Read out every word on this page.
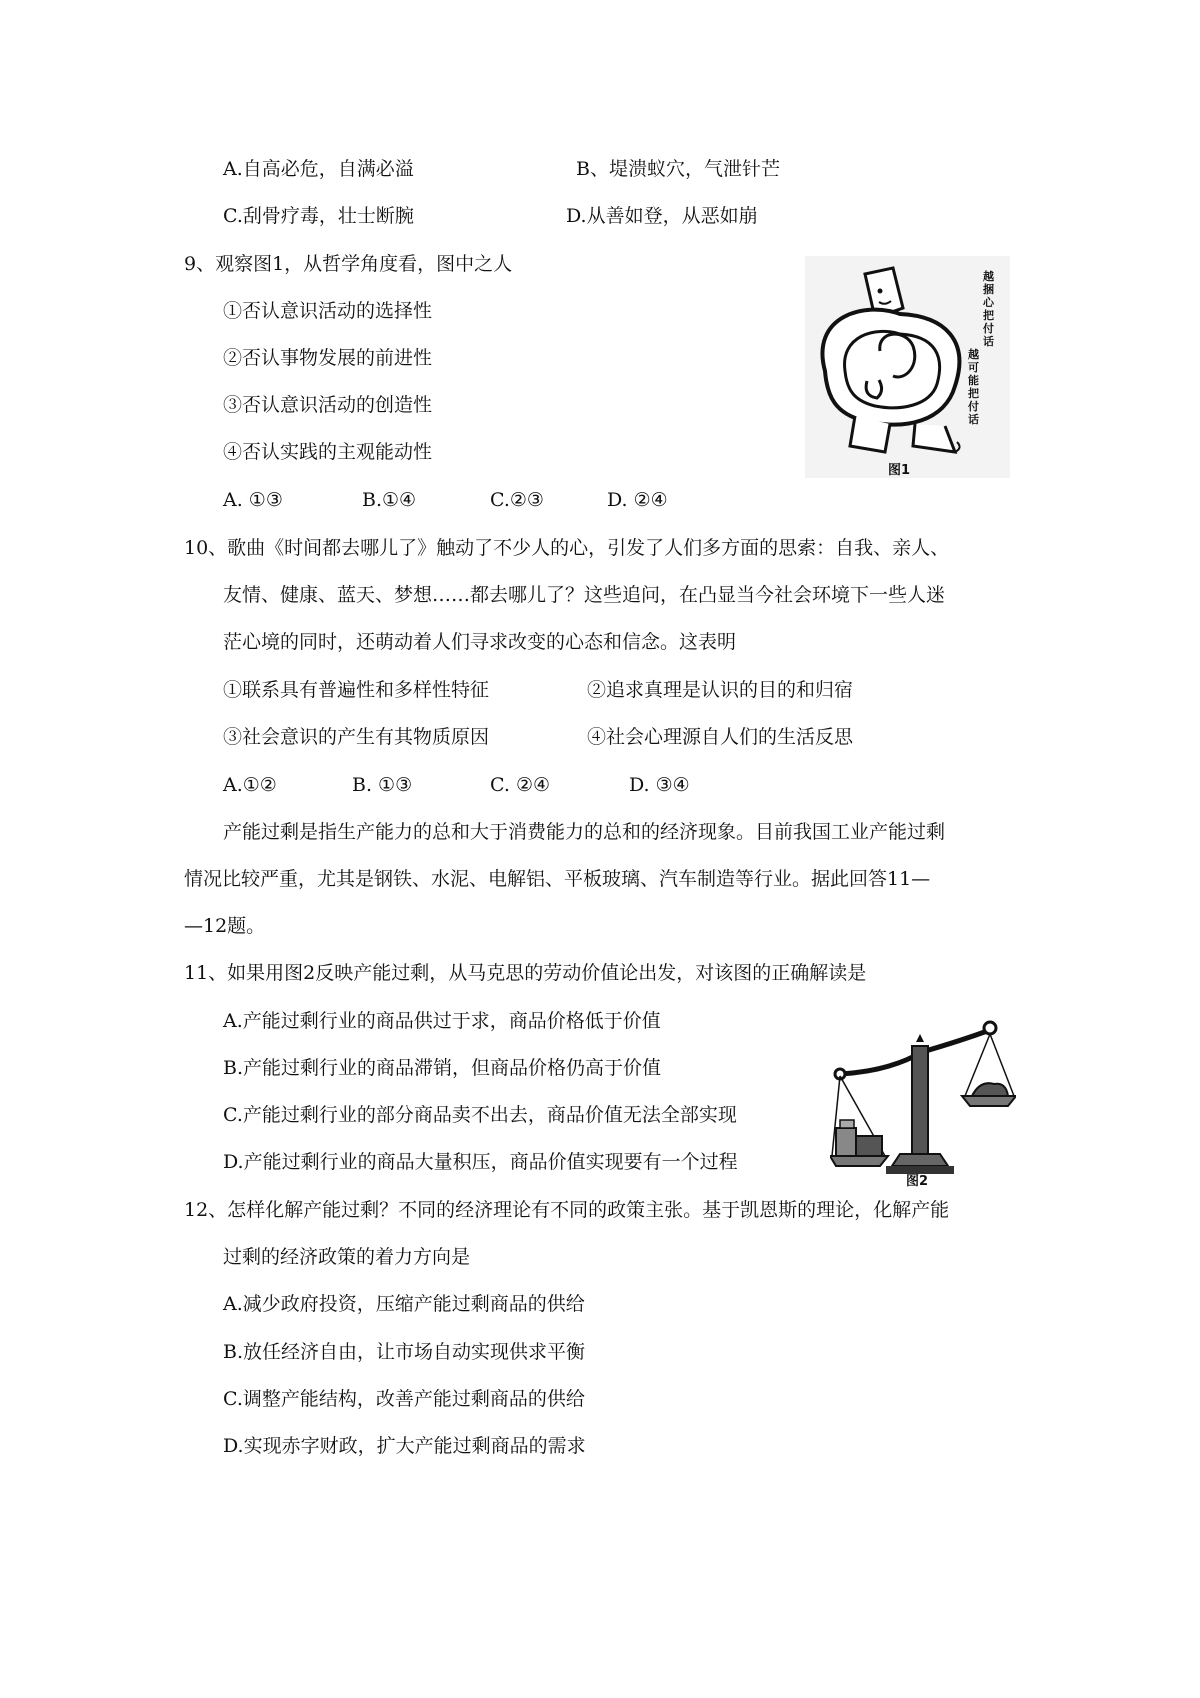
A.自高必危，自满必溢	B、堤溃蚁穴，气泄针芒
C.刮骨疗毒，壮士断腕	D.从善如登，从恶如崩
9、观察图1，从哲学角度看，图中之人
①否认意识活动的选择性
②否认事物发展的前进性
③否认意识活动的创造性
④否认实践的主观能动性
A. ①③	B.①④	C.②③	D. ②④
越捆心把付话
越可能把付话
图1
10、歌曲《时间都去哪儿了》触动了不少人的心，引发了人们多方面的思索：自我、亲人、
友情、健康、蓝天、梦想……都去哪儿了？这些追问，在凸显当今社会环境下一些人迷
茫心境的同时，还萌动着人们寻求改变的心态和信念。这表明
①联系具有普遍性和多样性特征	②追求真理是认识的目的和归宿
③社会意识的产生有其物质原因	④社会心理源自人们的生活反思
A.①②	B. ①③	C. ②④	D. ③④
产能过剩是指生产能力的总和大于消费能力的总和的经济现象。目前我国工业产能过剩
情况比较严重，尤其是钢铁、水泥、电解铝、平板玻璃、汽车制造等行业。据此回答11—
—12题。
11、如果用图2反映产能过剩，从马克思的劳动价值论出发，对该图的正确解读是
A.产能过剩行业的商品供过于求，商品价格低于价值
B.产能过剩行业的商品滞销，但商品价格仍高于价值
C.产能过剩行业的部分商品卖不出去，商品价值无法全部实现
D.产能过剩行业的商品大量积压，商品价值实现要有一个过程
图2
12、怎样化解产能过剩？不同的经济理论有不同的政策主张。基于凯恩斯的理论，化解产能
过剩的经济政策的着力方向是
A.减少政府投资，压缩产能过剩商品的供给
B.放任经济自由，让市场自动实现供求平衡
C.调整产能结构，改善产能过剩商品的供给
D.实现赤字财政，扩大产能过剩商品的需求
